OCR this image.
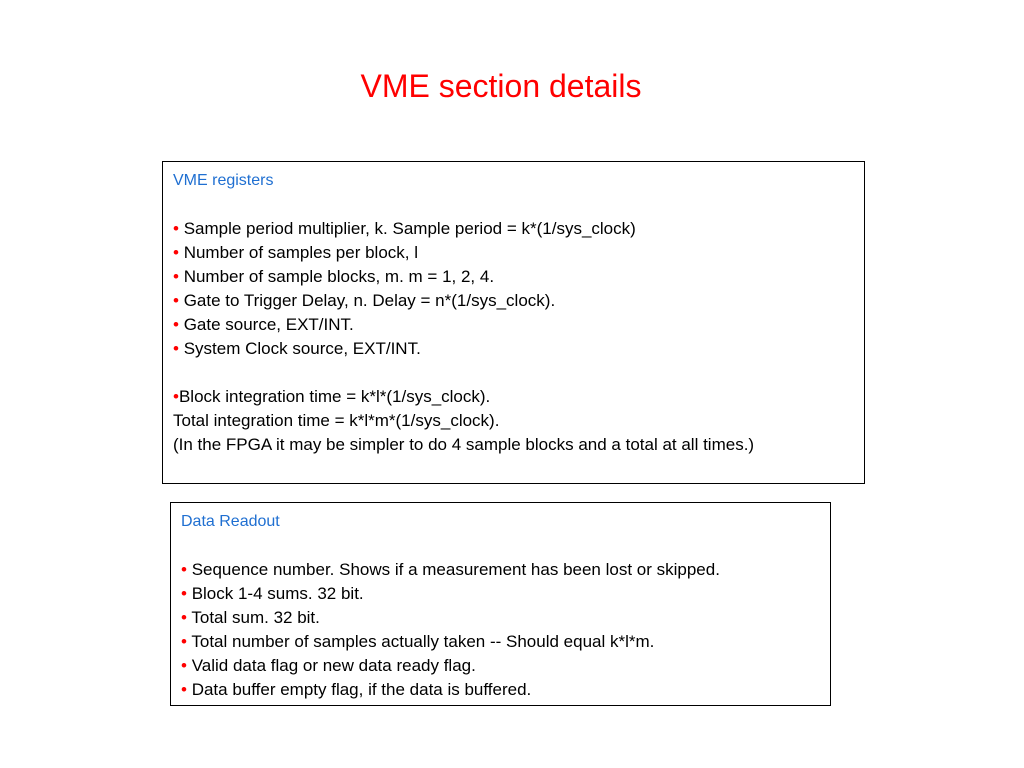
VME section details
VME registers
• Sample period multiplier, k. Sample period = k*(1/sys_clock)
• Number of samples per block, l
• Number of sample blocks, m. m = 1, 2, 4.
• Gate to Trigger Delay, n. Delay = n*(1/sys_clock).
• Gate source, EXT/INT.
• System Clock source, EXT/INT.
•Block integration time = k*l*(1/sys_clock).
Total integration time = k*l*m*(1/sys_clock).
(In the FPGA it may be simpler to do 4 sample blocks and a total at all times.)
Data Readout
• Sequence number. Shows if a measurement has been lost or skipped.
• Block 1-4 sums. 32 bit.
• Total sum. 32 bit.
• Total number of samples actually taken -- Should equal k*l*m.
• Valid data flag or new data ready flag.
• Data buffer empty flag, if the data is buffered.
